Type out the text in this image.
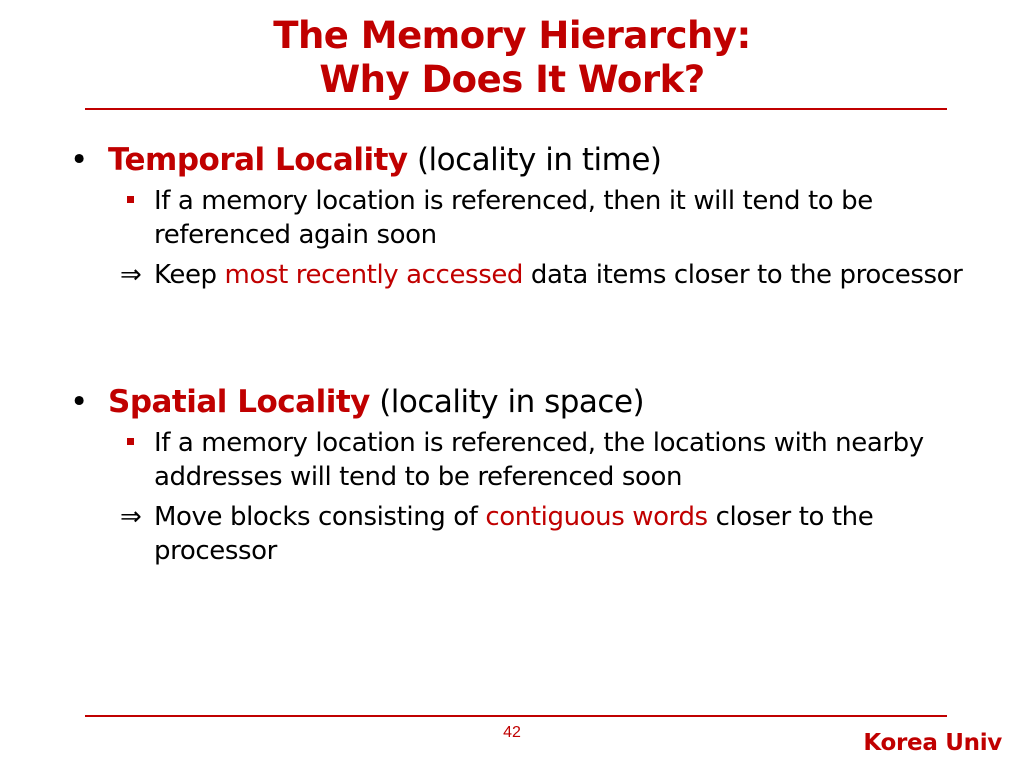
The Memory Hierarchy:
Why Does It Work?
• Temporal Locality (locality in time)
If a memory location is referenced, then it will tend to be referenced again soon
⇒ Keep most recently accessed data items closer to the processor
• Spatial Locality (locality in space)
If a memory location is referenced, the locations with nearby addresses will tend to be referenced soon
⇒ Move blocks consisting of contiguous words closer to the processor
42	Korea Univ
